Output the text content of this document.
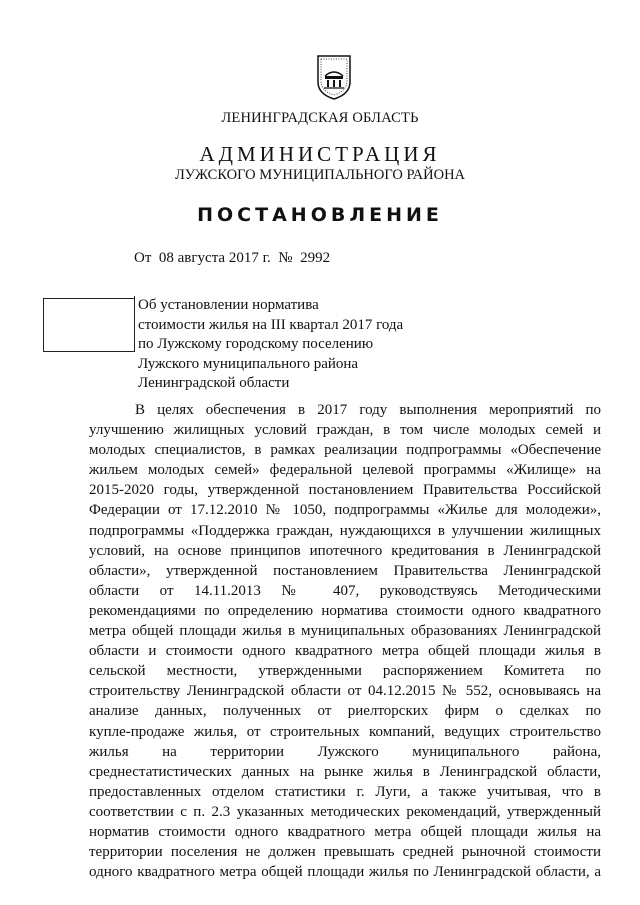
ЛЕНИНГРАДСКАЯ ОБЛАСТЬ
АДМИНИСТРАЦИЯ
ЛУЖСКОГО МУНИЦИПАЛЬНОГО РАЙОНА
ПОСТАНОВЛЕНИЕ
От  08 августа 2017 г.  №  2992
Об установлении норматива
стоимости жилья на III квартал 2017 года
по Лужскому городскому поселению
Лужского муниципального района
Ленинградской области
В целях обеспечения в 2017 году выполнения мероприятий по
улучшению жилищных условий граждан, в том числе молодых семей и
молодых специалистов, в рамках реализации подпрограммы «Обеспечение
жильем молодых семей» федеральной целевой программы «Жилище» на
2015-2020 годы, утвержденной постановлением Правительства Российской
Федерации от 17.12.2010 № 1050, подпрограммы «Жилье для молодежи»,
подпрограммы «Поддержка граждан, нуждающихся в улучшении жилищных
условий, на основе принципов ипотечного кредитования в Ленинградской
области», утвержденной постановлением Правительства Ленинградской
области от 14.11.2013 № 407, руководствуясь Методическими
рекомендациями по определению норматива стоимости одного квадратного
метра общей площади жилья в муниципальных образованиях Ленинградской
области и стоимости одного квадратного метра общей площади жилья в
сельской местности, утвержденными распоряжением Комитета по
строительству Ленинградской области от 04.12.2015 № 552, основываясь на
анализе данных, полученных от риелторских фирм о сделках по
купле-продаже жилья, от строительных компаний, ведущих строительство
жилья на территории Лужского муниципального района,
среднестатистических данных на рынке жилья в Ленинградской области,
предоставленных отделом статистики г. Луги, а также учитывая, что в
соответствии с п. 2.3 указанных методических рекомендаций, утвержденный
норматив стоимости одного квадратного метра общей площади жилья на
территории поселения не должен превышать средней рыночной стоимости
одного квадратного метра общей площади жилья по Ленинградской области, а
